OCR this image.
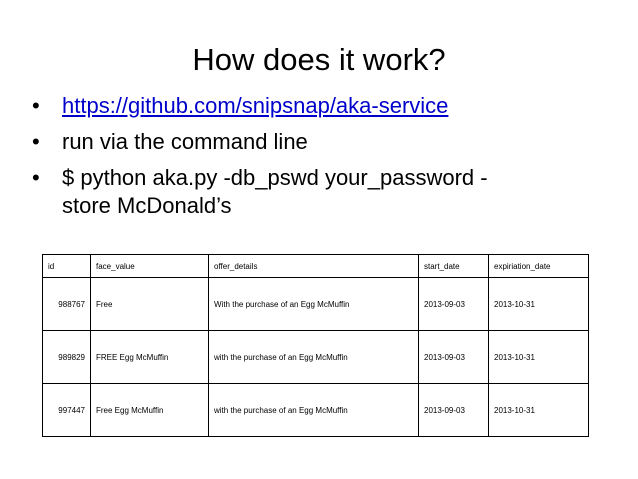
How does it work?
• https://github.com/snipsnap/aka-service
• run via the command line
• $ python aka.py -db_pswd your_password -
store McDonald’s
id	face_value	offer_details	start_date	expiriation_date
988767	Free	With the purchase of an Egg McMuffin	2013-09-03	2013-10-31
989829	FREE Egg McMuffin	with the purchase of an Egg McMuffin	2013-09-03	2013-10-31
997447	Free Egg McMuffin	with the purchase of an Egg McMuffin	2013-09-03	2013-10-31
